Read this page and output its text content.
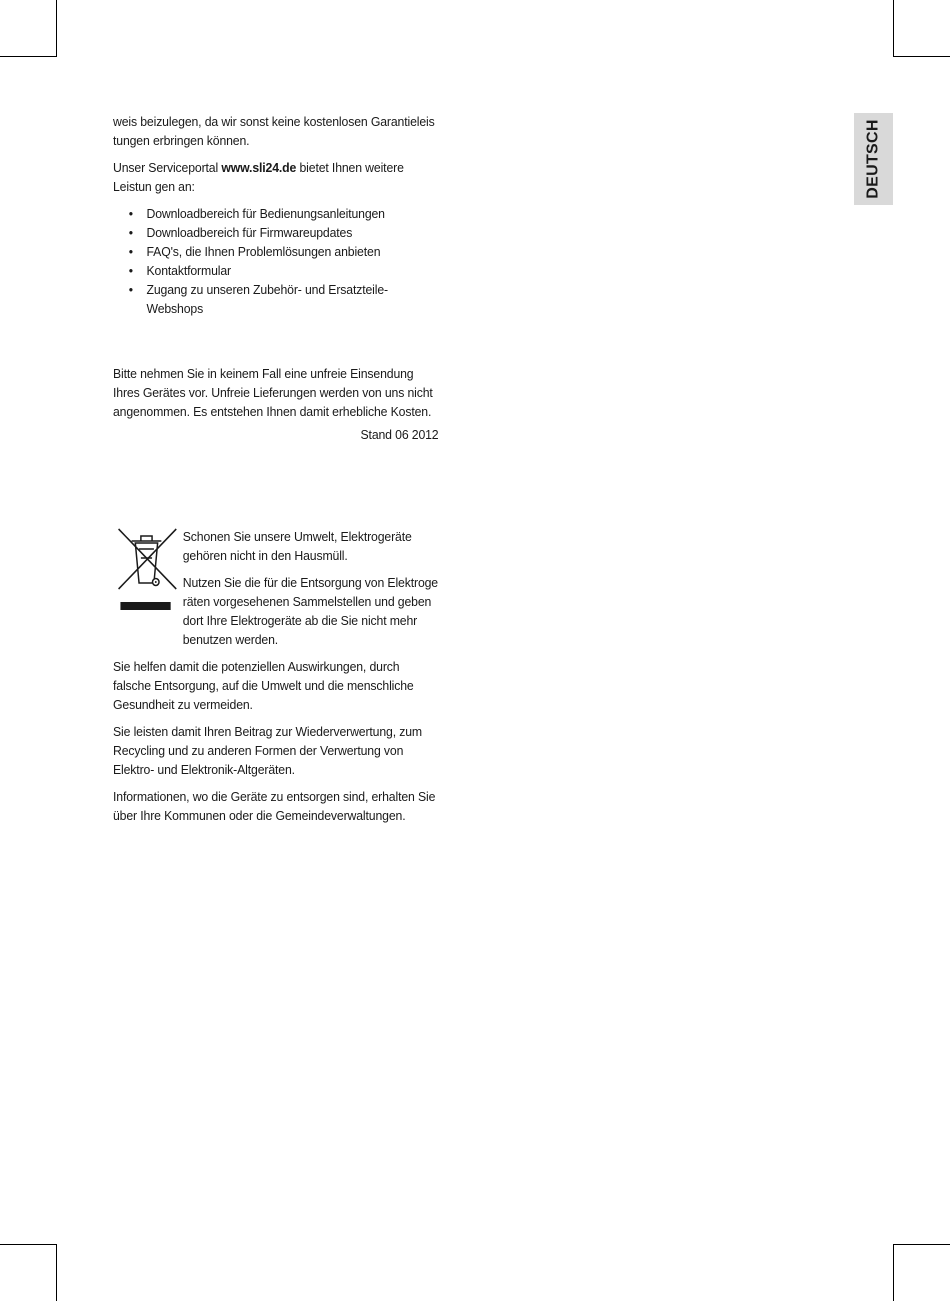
DEUTSCH

weis beizulegen, da wir sonst keine kostenlosen Garantieleis tungen erbringen können.

Unser Serviceportal www.sli24.de bietet Ihnen weitere Leistun gen an:

• Downloadbereich für Bedienungsanleitungen
• Downloadbereich für Firmwareupdates
• FAQ's, die Ihnen Problemlösungen anbieten
• Kontaktformular
• Zugang zu unseren Zubehör- und Ersatzteile-Webshops

Bitte nehmen Sie in keinem Fall eine unfreie Einsendung Ihres Gerätes vor. Unfreie Lieferungen werden von uns nicht angenommen. Es entstehen Ihnen damit erhebliche Kosten.

Stand 06 2012

Schonen Sie unsere Umwelt, Elektrogeräte gehören nicht in den Hausmüll.

Nutzen Sie die für die Entsorgung von Elektroge räten vorgesehenen Sammelstellen und geben dort Ihre Elektrogeräte ab die Sie nicht mehr benutzen werden.

Sie helfen damit die potenziellen Auswirkungen, durch falsche Entsorgung, auf die Umwelt und die menschliche Gesundheit zu vermeiden.

Sie leisten damit Ihren Beitrag zur Wiederverwertung, zum Recycling und zu anderen Formen der Verwertung von Elektro- und Elektronik-Altgeräten.

Informationen, wo die Geräte zu entsorgen sind, erhalten Sie über Ihre Kommunen oder die Gemeindeverwaltungen.
